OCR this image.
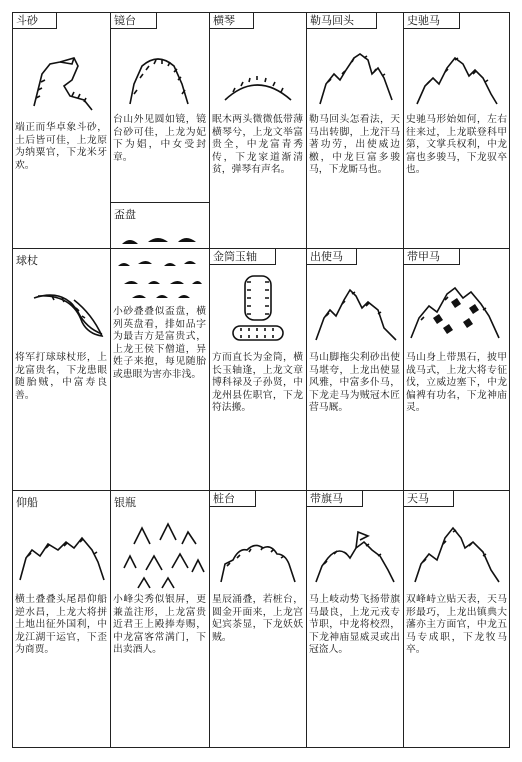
斗砂
端正而华卓象斗砂，土后皆可佳，上龙原为纳粟官，下龙米牙欢。
镜台
台山外见圆如镜，镜台砂可佳，上龙为妃下为娼，中女受封章。
横琴
眠木两头微微低带薄横琴兮，上龙文举富贵全，中龙富青秀传，下龙家道渐清贫，弹琴有声名。
勒马回头
勒马回头怎看法，天马出转脚，上龙汗马著功劳，出使威边檄，中龙巨富多骏马，下龙厮马也。
史驰马
史驰马形始如何，左右往来过，上龙联登科甲第，文掌兵权利，中龙富也多骏马，下龙驭卒也。
盃盘
小砂叠叠似盃盘，横列英盘看，排如品字为最吉方是富贵式，上龙王侯下僧道，异姓子来抱，每见随胎或患眼为害亦非浅。
球杖
将军打球球杖形，上龙富贵名，下龙患眼随胎贼，中富寿良善。
金筒玉轴
方而直长为金筒，横长玉轴逢，上龙文章博科禄及子孙贤，中龙州县佐职官，下龙符法搬。
出使马
马山脚拖尖利砂出使马堪夸，上龙出使显风雅，中富多仆马，下龙走马为贼冠木匠营马厩。
带甲马
马山身上带黑石，披甲战马式，上龙大将专征伐，立威边塞下，中龙偏裨有功名，下龙神庙灵。
仰船
横土叠叠头尾昂仰船逆水昌，上龙大将拼土地出征外国利，中龙江湖干运官，下歪为商贾。
银瓶
小峰尖秀似银屏，更兼盖注形，上龙富贵近君王上殿捧寿赐，中龙富客常满门，下出卖酒人。
桩台
星辰涌叠，若桩台，圆金开面来，上龙宫妃宾茶显，下龙妖妖贼。
带旗马
马上岐动势飞扬带旗马最良，上龙元戎专节职，中龙将校烈，下龙神庙显威灵或出冠盗人。
天马
双峰峙立贴天表，天马形最巧，上龙出镇典大藩亦主方面官，中龙五马专成职，下龙牧马卒。
